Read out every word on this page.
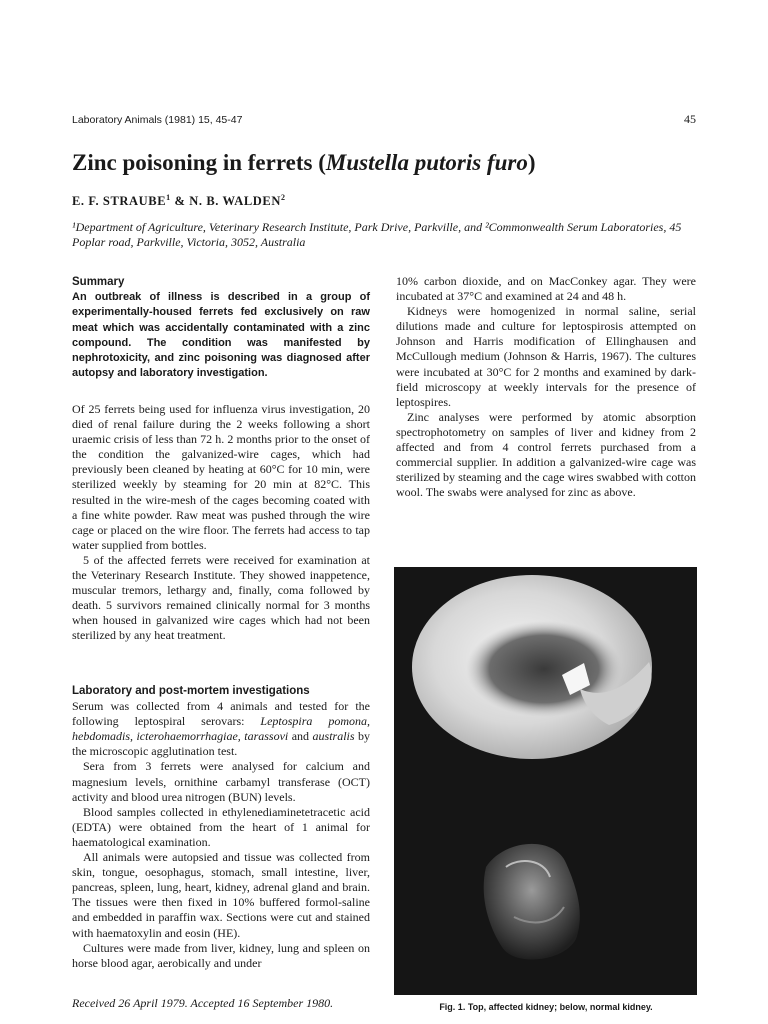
Laboratory Animals (1981) 15, 45-47	45
Zinc poisoning in ferrets (Mustella putoris furo)
E. F. STRAUBE$^1$ & N. B. WALDEN$^2$
¹Department of Agriculture, Veterinary Research Institute, Park Drive, Parkville, and ²Commonwealth Serum Laboratories, 45 Poplar road, Parkville, Victoria, 3052, Australia

Summary

An outbreak of illness is described in a group of experimentally-housed ferrets fed exclusively on raw meat which was accidentally contaminated with a zinc compound. The condition was manifested by nephrotoxicity, and zinc poisoning was diagnosed after autopsy and laboratory investigation.

Of 25 ferrets being used for influenza virus investigation, 20 died of renal failure during the 2 weeks following a short uraemic crisis of less than 72 h. 2 months prior to the onset of the condition the galvanized-wire cages, which had previously been cleaned by heating at 60°C for 10 min, were sterilized weekly by steaming for 20 min at 82°C. This resulted in the wire-mesh of the cages becoming coated with a fine white powder. Raw meat was pushed through the wire cage or placed on the wire floor. The ferrets had access to tap water supplied from bottles.

5 of the affected ferrets were received for examination at the Veterinary Research Institute. They showed inappetence, muscular tremors, lethargy and, finally, coma followed by death. 5 survivors remained clinically normal for 3 months when housed in galvanized wire cages which had not been sterilized by any heat treatment.

Laboratory and post-mortem investigations

Serum was collected from 4 animals and tested for the following leptospiral serovars: Leptospira pomona, hebdomadis, icterohaemorrhagiae, tarassovi and australis by the microscopic agglutination test.

Sera from 3 ferrets were analysed for calcium and magnesium levels, ornithine carbamyl transferase (OCT) activity and blood urea nitrogen (BUN) levels.

Blood samples collected in ethylenediaminetetracetic acid (EDTA) were obtained from the heart of 1 animal for haematological examination.

All animals were autopsied and tissue was collected from skin, tongue, oesophagus, stomach, small intestine, liver, pancreas, spleen, lung, heart, kidney, adrenal gland and brain. The tissues were then fixed in 10% buffered formol-saline and embedded in paraffin wax. Sections were cut and stained with haematoxylin and eosin (HE).

Cultures were made from liver, kidney, lung and spleen on horse blood agar, aerobically and under

10% carbon dioxide, and on MacConkey agar. They were incubated at 37°C and examined at 24 and 48 h.

Kidneys were homogenized in normal saline, serial dilutions made and culture for leptospirosis attempted on Johnson and Harris modification of Ellinghausen and McCullough medium (Johnson & Harris, 1967). The cultures were incubated at 30°C for 2 months and examined by dark-field microscopy at weekly intervals for the presence of leptospires.

Zinc analyses were performed by atomic absorption spectrophotometry on samples of liver and kidney from 2 affected and from 4 control ferrets purchased from a commercial supplier. In addition a galvanized-wire cage was sterilized by steaming and the cage wires swabbed with cotton wool. The swabs were analysed for zinc as above.

Fig. 1. Top, affected kidney; below, normal kidney.
Received 26 April 1979. Accepted 16 September 1980.
